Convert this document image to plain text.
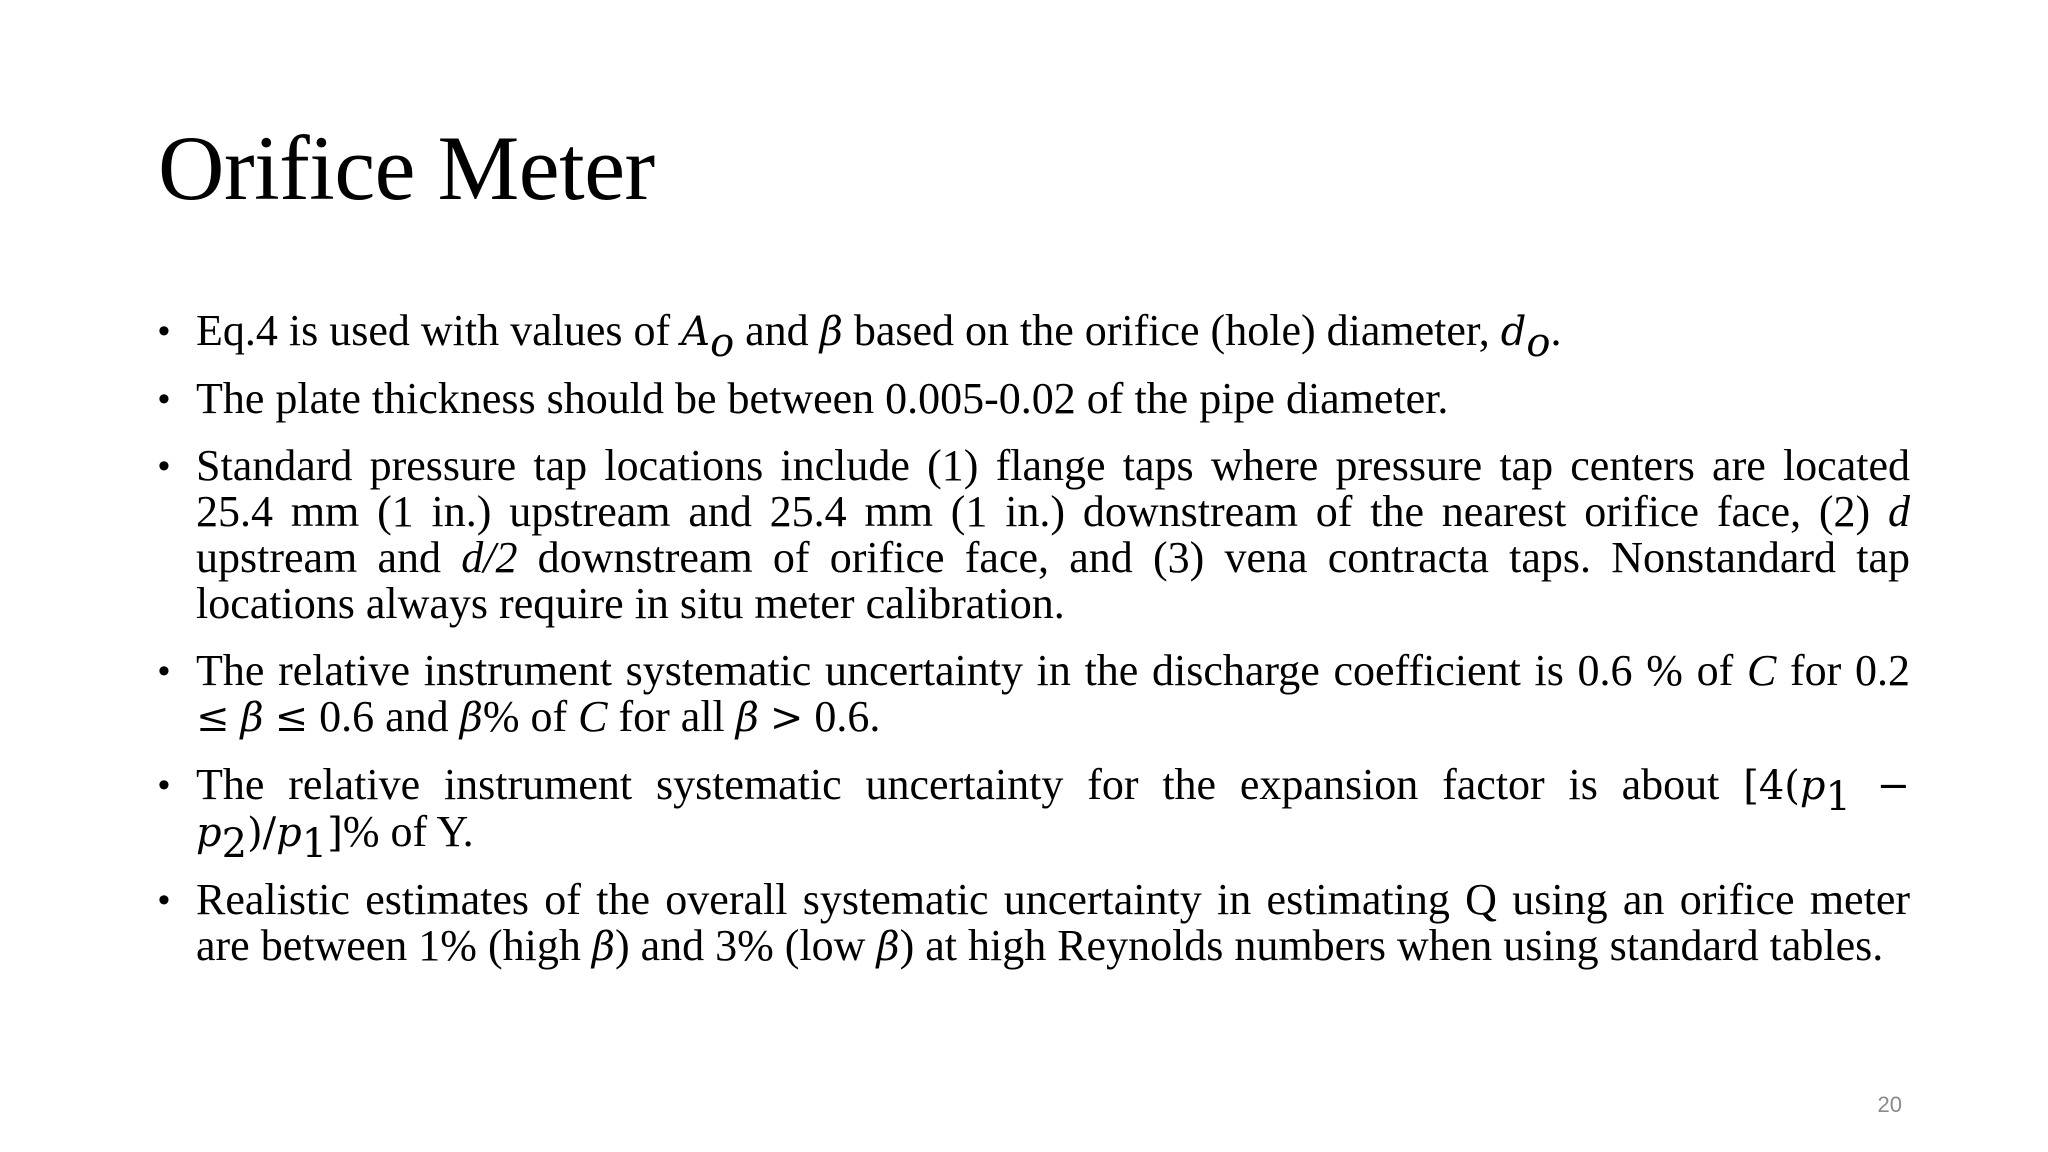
Orifice Meter
• Eq.4 is used with values of $A_o$ and β based on the orifice (hole) diameter, $d_o$.
• The plate thickness should be between 0.005-0.02 of the pipe diameter.
• Standard pressure tap locations include (1) flange taps where pressure tap centers are located 25.4 mm (1 in.) upstream and 25.4 mm (1 in.) downstream of the nearest orifice face, (2) d upstream and d/2 downstream of orifice face, and (3) vena contracta taps. Nonstandard tap locations always require in situ meter calibration.
• The relative instrument systematic uncertainty in the discharge coefficient is 0.6 % of C for 0.2 ≤ β ≤ 0.6 and β% of C for all β > 0.6.
• The relative instrument systematic uncertainty for the expansion factor is about $[4(p_1 - p_2)/p_1]\%$ of Y.
• Realistic estimates of the overall systematic uncertainty in estimating Q using an orifice meter are between 1% (high β) and 3% (low β) at high Reynolds numbers when using standard tables.
20
